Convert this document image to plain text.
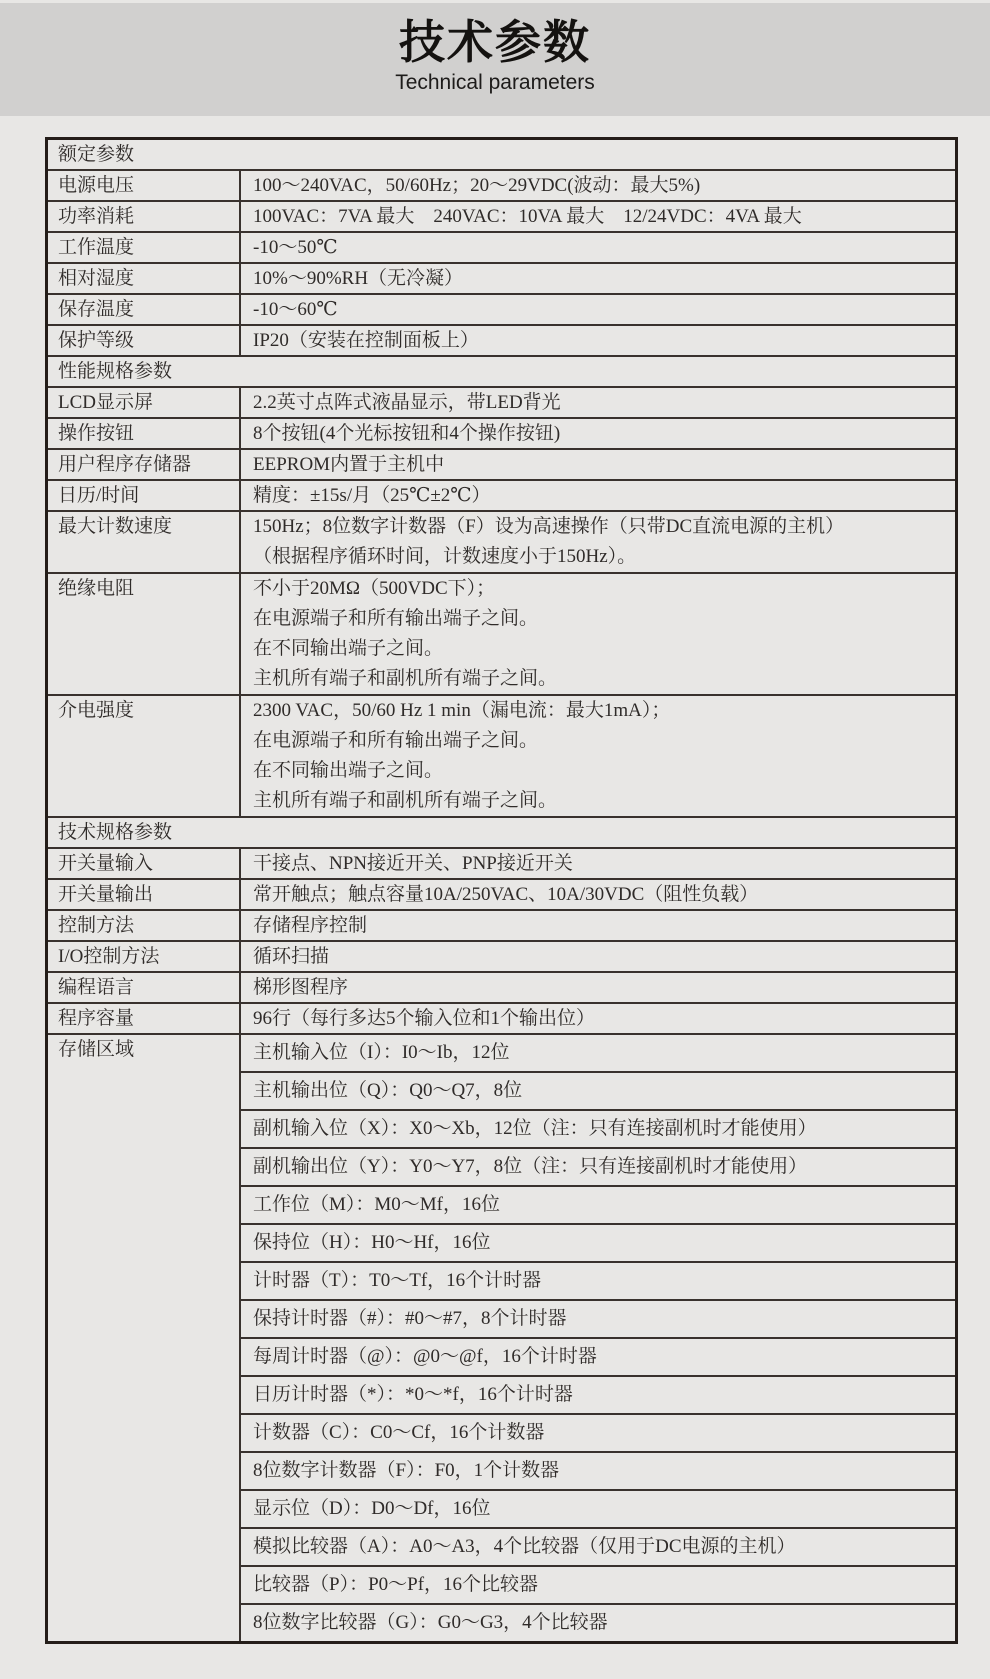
技术参数
Technical parameters
额定参数
电源电压	100～240VAC，50/60Hz；20～29VDC(波动：最大5%)
功率消耗	100VAC：7VA 最大    240VAC：10VA 最大    12/24VDC：4VA 最大
工作温度	-10～50℃
相对湿度	10%～90%RH（无冷凝）
保存温度	-10～60℃
保护等级	IP20（安装在控制面板上）
性能规格参数
LCD显示屏	2.2英寸点阵式液晶显示，带LED背光
操作按钮	8个按钮(4个光标按钮和4个操作按钮)
用户程序存储器	EEPROM内置于主机中
日历/时间	精度：±15s/月（25℃±2℃）
最大计数速度	150Hz；8位数字计数器（F）设为高速操作（只带DC直流电源的主机）
（根据程序循环时间，计数速度小于150Hz）。
绝缘电阻	不小于20MΩ（500VDC下）；
在电源端子和所有输出端子之间。
在不同输出端子之间。
主机所有端子和副机所有端子之间。
介电强度	2300 VAC，50/60 Hz 1 min（漏电流：最大1mA）；
在电源端子和所有输出端子之间。
在不同输出端子之间。
主机所有端子和副机所有端子之间。
技术规格参数
开关量输入	干接点、NPN接近开关、PNP接近开关
开关量输出	常开触点；触点容量10A/250VAC、10A/30VDC（阻性负载）
控制方法	存储程序控制
I/O控制方法	循环扫描
编程语言	梯形图程序
程序容量	96行（每行多达5个输入位和1个输出位）
存储区域	主机输入位（I）：I0～Ib，12位
主机输出位（Q）：Q0～Q7，8位
副机输入位（X）：X0～Xb，12位（注：只有连接副机时才能使用）
副机输出位（Y）：Y0～Y7，8位（注：只有连接副机时才能使用）
工作位（M）：M0～Mf，16位
保持位（H）：H0～Hf，16位
计时器（T）：T0～Tf，16个计时器
保持计时器（#）：#0～#7，8个计时器
每周计时器（@）：@0～@f，16个计时器
日历计时器（*）：*0～*f，16个计时器
计数器（C）：C0～Cf，16个计数器
8位数字计数器（F）：F0，1个计数器
显示位（D）：D0～Df，16位
模拟比较器（A）：A0～A3，4个比较器（仅用于DC电源的主机）
比较器（P）：P0～Pf，16个比较器
8位数字比较器（G）：G0～G3，4个比较器
